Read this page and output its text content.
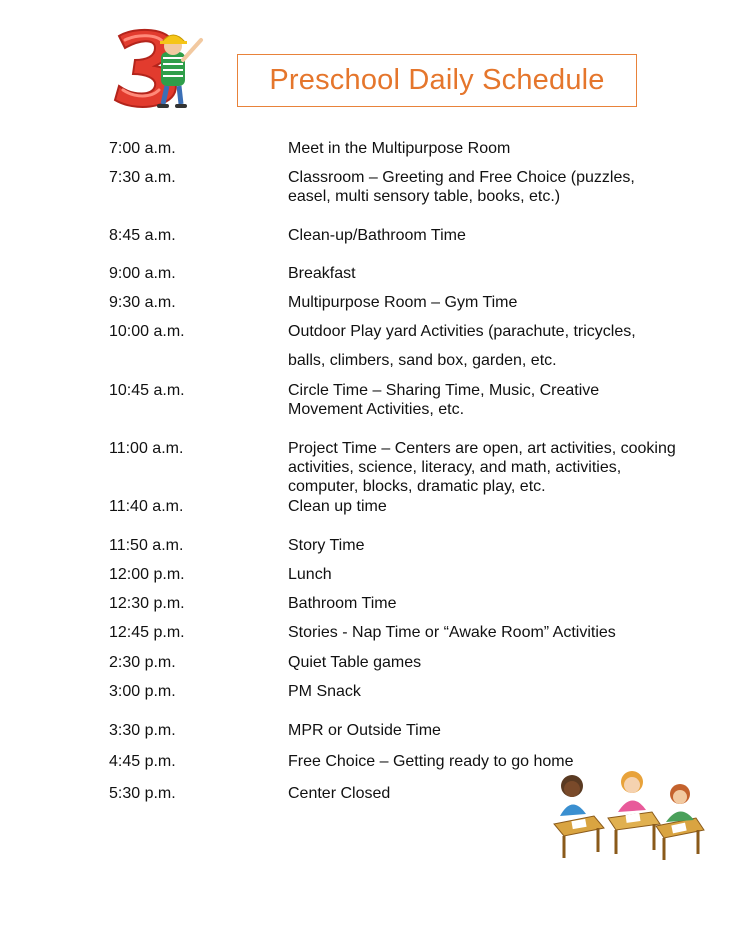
Preschool Daily Schedule
7:00 a.m.	Meet in the Multipurpose Room
7:30 a.m.	Classroom – Greeting and Free Choice (puzzles,
easel, multi sensory table, books, etc.)
8:45 a.m.	Clean-up/Bathroom Time
9:00 a.m.	Breakfast
9:30 a.m.	Multipurpose Room – Gym Time
10:00 a.m.	Outdoor Play yard Activities (parachute, tricycles,
balls, climbers, sand box, garden, etc.
10:45 a.m.	Circle Time – Sharing Time, Music, Creative
Movement Activities, etc.
11:00 a.m.	Project Time – Centers are open, art activities, cooking
activities, science, literacy, and math, activities,
computer, blocks, dramatic play, etc.
11:40 a.m.	Clean up time
11:50 a.m.	Story Time
12:00 p.m.	Lunch
12:30 p.m.	Bathroom Time
12:45 p.m.	Stories - Nap Time or “Awake Room” Activities
2:30 p.m.	Quiet Table games
3:00 p.m.	PM Snack
3:30 p.m.	MPR or Outside Time
4:45 p.m.	Free Choice – Getting ready to go home
5:30 p.m.	Center Closed
